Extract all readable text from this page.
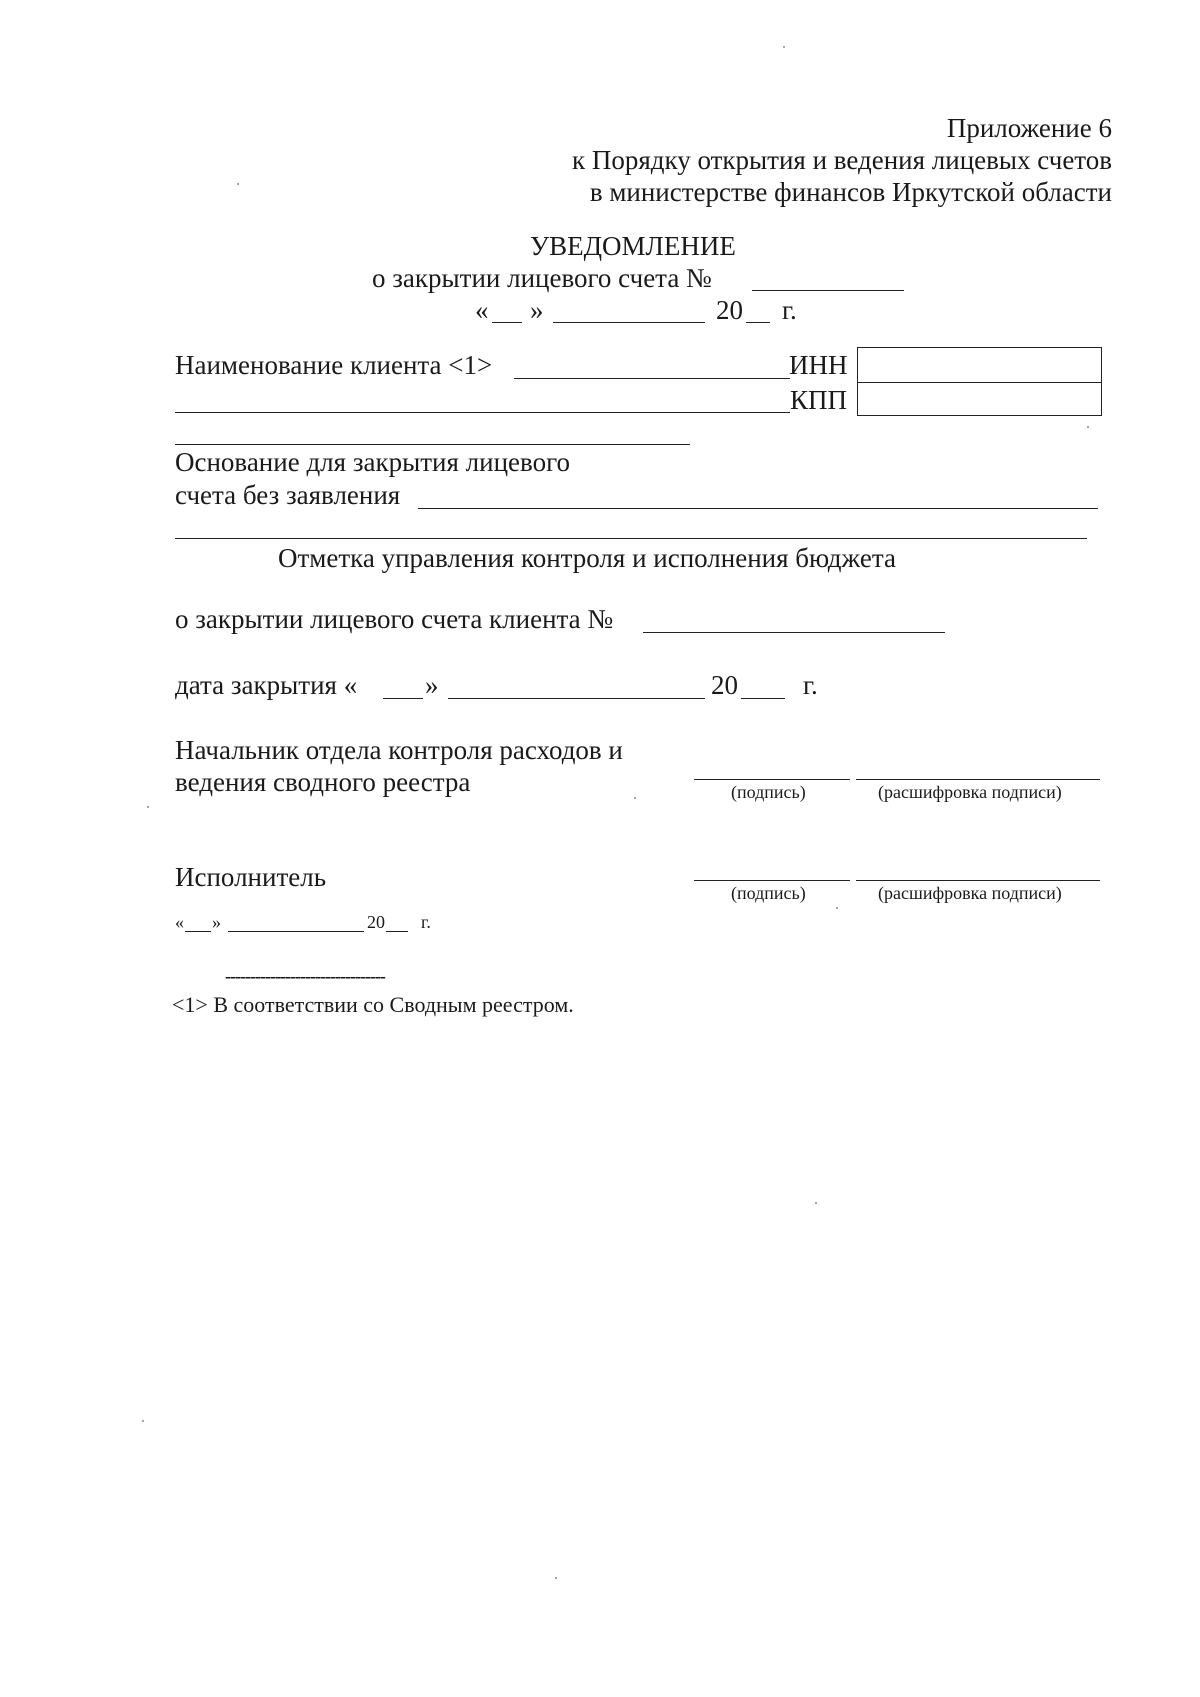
Приложение 6
к Порядку открытия и ведения лицевых счетов
в министерстве финансов Иркутской области
УВЕДОМЛЕНИЕ
о закрытии лицевого счета №
« »	20 г.
Наименование клиента <1>	ИНН
КПП
Основание для закрытия лицевого
счета без заявления
Отметка управления контроля и исполнения бюджета
о закрытии лицевого счета клиента №
дата закрытия «	»	20 г.
Начальник отдела контроля расходов и
ведения сводного реестра	(подпись)	(расшифровка подписи)
Исполнитель
(подпись)	(расшифровка подписи)
« »	20 г.
--------------------------------
<1> В соответствии со Сводным реестром.
